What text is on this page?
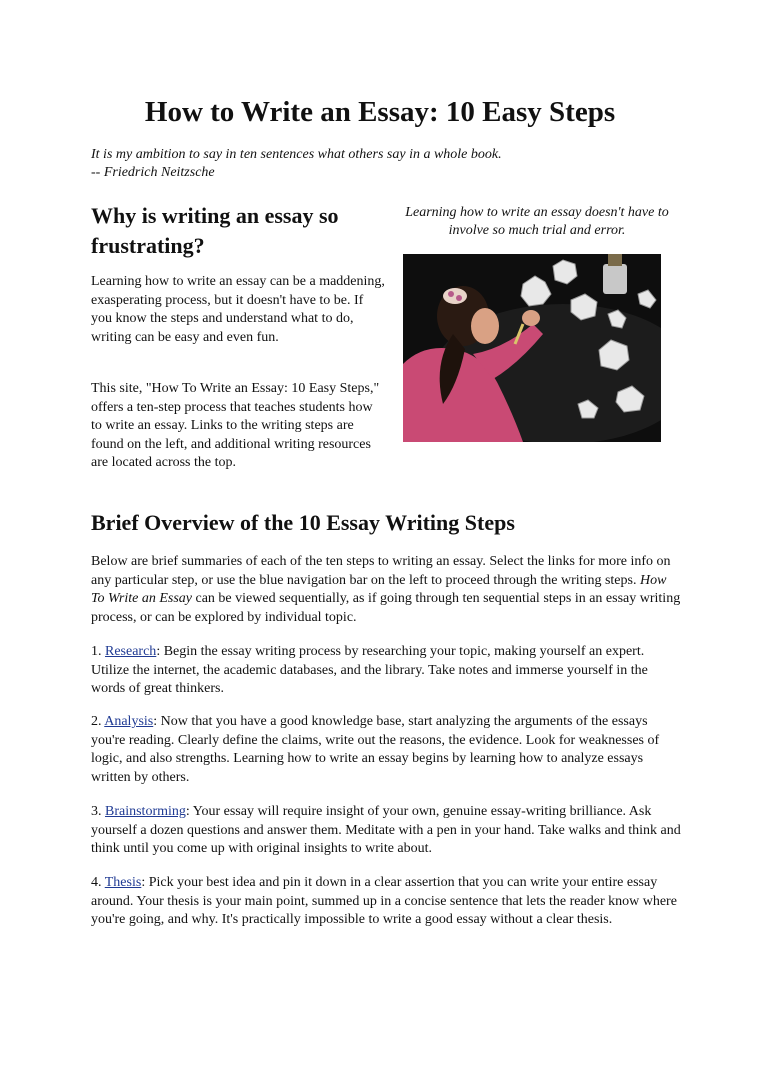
How to Write an Essay: 10 Easy Steps
It is my ambition to say in ten sentences what others say in a whole book.
-- Friedrich Neitzsche
Why is writing an essay so frustrating?

Learning how to write an essay can be a maddening, exasperating process, but it doesn't have to be. If you know the steps and understand what to do, writing can be easy and even fun.

This site, "How To Write an Essay: 10 Easy Steps," offers a ten-step process that teaches students how to write an essay. Links to the writing steps are found on the left, and additional writing resources are located across the top.

Learning how to write an essay doesn't have to involve so much trial and error.
Brief Overview of the 10 Essay Writing Steps

Below are brief summaries of each of the ten steps to writing an essay. Select the links for more info on any particular step, or use the blue navigation bar on the left to proceed through the writing steps. How To Write an Essay can be viewed sequentially, as if going through ten sequential steps in an essay writing process, or can be explored by individual topic.

1. Research: Begin the essay writing process by researching your topic, making yourself an expert. Utilize the internet, the academic databases, and the library. Take notes and immerse yourself in the words of great thinkers.

2. Analysis: Now that you have a good knowledge base, start analyzing the arguments of the essays you're reading. Clearly define the claims, write out the reasons, the evidence. Look for weaknesses of logic, and also strengths. Learning how to write an essay begins by learning how to analyze essays written by others.

3. Brainstorming: Your essay will require insight of your own, genuine essay-writing brilliance. Ask yourself a dozen questions and answer them. Meditate with a pen in your hand. Take walks and think and think until you come up with original insights to write about.

4. Thesis: Pick your best idea and pin it down in a clear assertion that you can write your entire essay around. Your thesis is your main point, summed up in a concise sentence that lets the reader know where you're going, and why. It's practically impossible to write a good essay without a clear thesis.
